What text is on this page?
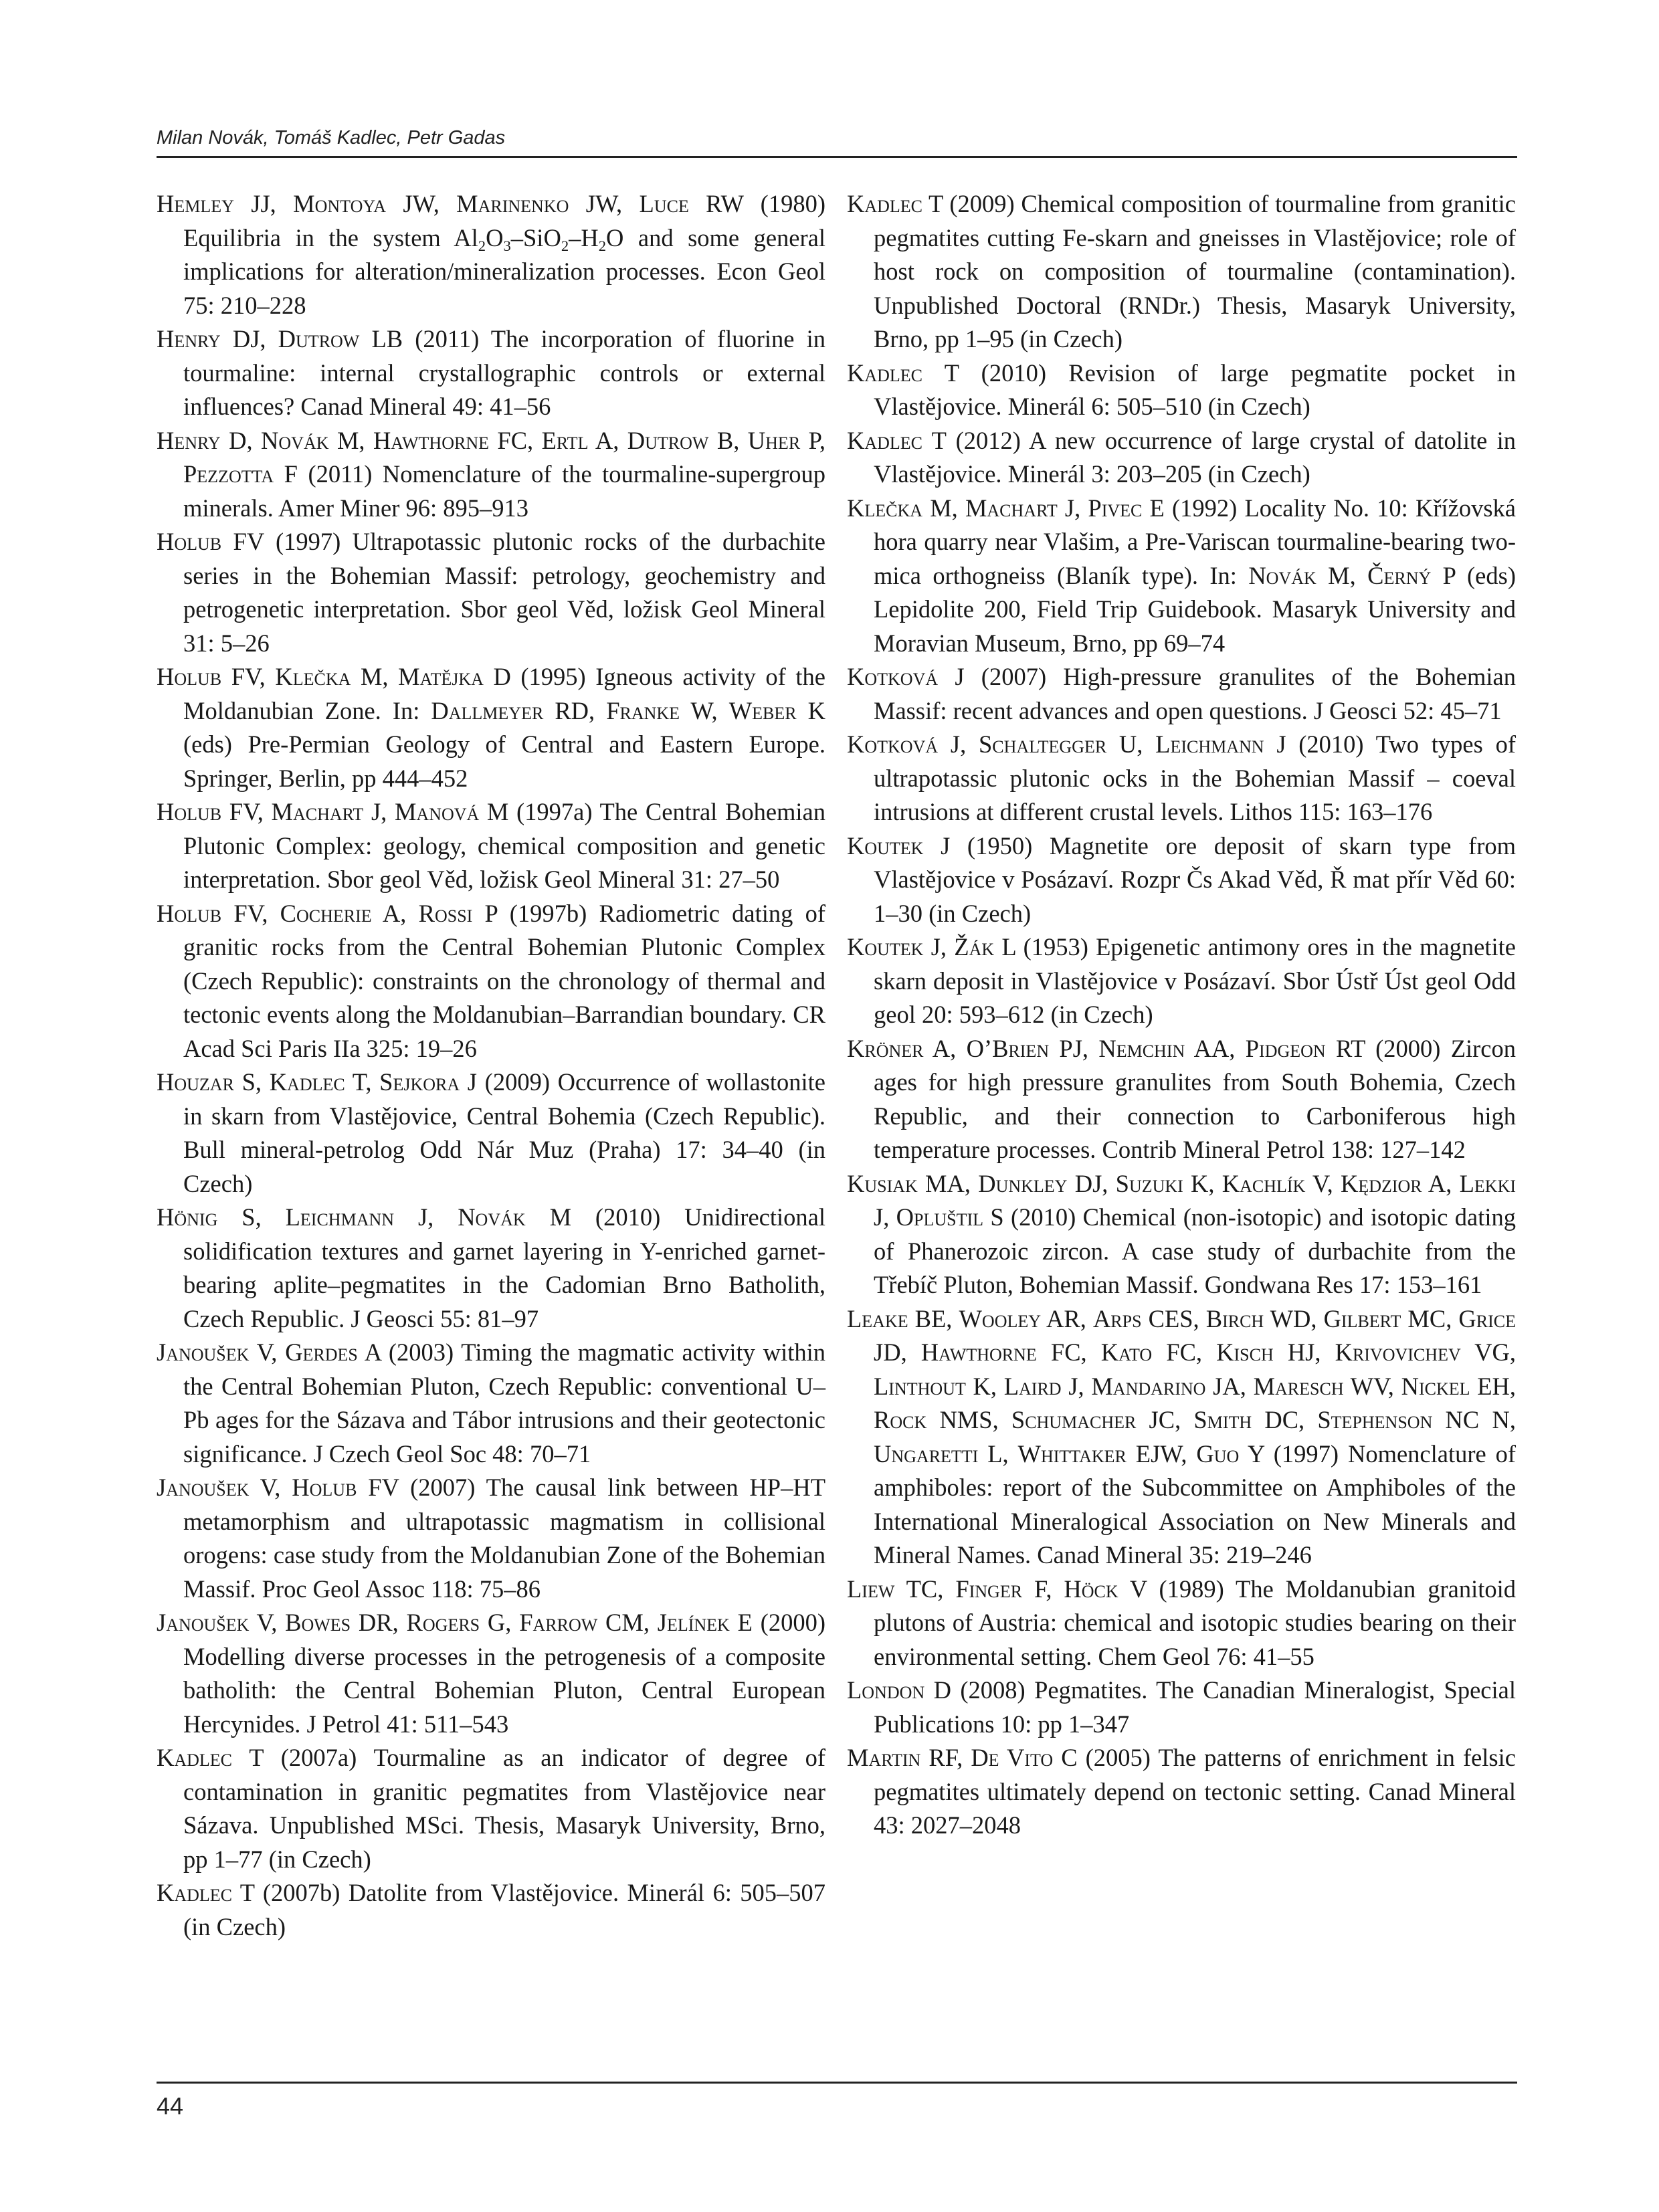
Milan Novák, Tomáš Kadlec, Petr Gadas

Hemley JJ, Montoya JW, Marinenko JW, Luce RW (1980) Equilibria in the system $Al_2O_3-SiO_2-H_2O$ and some general implications for alteration/mineralization processes. Econ Geol 75: 210–228

Henry DJ, Dutrow LB (2011) The incorporation of fluorine in tourmaline: internal crystallographic controls or external influences? Canad Mineral 49: 41–56

Henry D, Novák M, Hawthorne FC, Ertl A, Dutrow B, Uher P, Pezzotta F (2011) Nomenclature of the tourmaline-supergroup minerals. Amer Miner 96: 895–913

Holub FV (1997) Ultrapotassic plutonic rocks of the durbachite series in the Bohemian Massif: petrology, geochemistry and petrogenetic interpretation. Sbor geol Věd, ložisk Geol Mineral 31: 5–26

Holub FV, Klečka M, Matějka D (1995) Igneous activity of the Moldanubian Zone. In: Dallmeyer RD, Franke W, Weber K (eds) Pre-Permian Geology of Central and Eastern Europe. Springer, Berlin, pp 444–452

Holub FV, Machart J, Manová M (1997a) The Central Bohemian Plutonic Complex: geology, chemical composition and genetic interpretation. Sbor geol Věd, ložisk Geol Mineral 31: 27–50

Holub FV, Cocherie A, Rossi P (1997b) Radiometric dating of granitic rocks from the Central Bohemian Plutonic Complex (Czech Republic): constraints on the chronology of thermal and tectonic events along the Moldanubian–Barrandian boundary. CR Acad Sci Paris IIa 325: 19–26

Houzar S, Kadlec T, Sejkora J (2009) Occurrence of wollastonite in skarn from Vlastějovice, Central Bohemia (Czech Republic). Bull mineral-petrolog Odd Nár Muz (Praha) 17: 34–40 (in Czech)

Hönig S, Leichmann J, Novák M (2010) Unidirectional solidification textures and garnet layering in Y-enriched garnet-bearing aplite–pegmatites in the Cadomian Brno Batholith, Czech Republic. J Geosci 55: 81–97

Janoušek V, Gerdes A (2003) Timing the magmatic activity within the Central Bohemian Pluton, Czech Republic: conventional U–Pb ages for the Sázava and Tábor intrusions and their geotectonic significance. J Czech Geol Soc 48: 70–71

Janoušek V, Holub FV (2007) The causal link between HP–HT metamorphism and ultrapotassic magmatism in collisional orogens: case study from the Moldanubian Zone of the Bohemian Massif. Proc Geol Assoc 118: 75–86

Janoušek V, Bowes DR, Rogers G, Farrow CM, Jelínek E (2000) Modelling diverse processes in the petrogenesis of a composite batholith: the Central Bohemian Pluton, Central European Hercynides. J Petrol 41: 511–543

Kadlec T (2007a) Tourmaline as an indicator of degree of contamination in granitic pegmatites from Vlastějovice near Sázava. Unpublished MSci. Thesis, Masaryk University, Brno, pp 1–77 (in Czech)

Kadlec T (2007b) Datolite from Vlastějovice. Minerál 6: 505–507 (in Czech)

Kadlec T (2009) Chemical composition of tourmaline from granitic pegmatites cutting Fe-skarn and gneisses in Vlastějovice; role of host rock on composition of tourmaline (contamination). Unpublished Doctoral (RNDr.) Thesis, Masaryk University, Brno, pp 1–95 (in Czech)

Kadlec T (2010) Revision of large pegmatite pocket in Vlastějovice. Minerál 6: 505–510 (in Czech)

Kadlec T (2012) A new occurrence of large crystal of datolite in Vlastějovice. Minerál 3: 203–205 (in Czech)

Klečka M, Machart J, Pivec E (1992) Locality No. 10: Křížovská hora quarry near Vlašim, a Pre-Variscan tourmaline-bearing two-mica orthogneiss (Blaník type). In: Novák M, Černý P (eds) Lepidolite 200, Field Trip Guidebook. Masaryk University and Moravian Museum, Brno, pp 69–74

Kotková J (2007) High-pressure granulites of the Bohemian Massif: recent advances and open questions. J Geosci 52: 45–71

Kotková J, Schaltegger U, Leichmann J (2010) Two types of ultrapotassic plutonic ocks in the Bohemian Massif – coeval intrusions at different crustal levels. Lithos 115: 163–176

Koutek J (1950) Magnetite ore deposit of skarn type from Vlastějovice v Posázaví. Rozpr Čs Akad Věd, Ř mat přír Věd 60: 1–30 (in Czech)

Koutek J, Žák L (1953) Epigenetic antimony ores in the magnetite skarn deposit in Vlastějovice v Posázaví. Sbor Ústř Úst geol Odd geol 20: 593–612 (in Czech)

Kröner A, O’Brien PJ, Nemchin AA, Pidgeon RT (2000) Zircon ages for high pressure granulites from South Bohemia, Czech Republic, and their connection to Carboniferous high temperature processes. Contrib Mineral Petrol 138: 127–142

Kusiak MA, Dunkley DJ, Suzuki K, Kachlík V, Kędzior A, Lekki J, Opluštil S (2010) Chemical (non-isotopic) and isotopic dating of Phanerozoic zircon. A case study of durbachite from the Třebíč Pluton, Bohemian Massif. Gondwana Res 17: 153–161

Leake BE, Wooley AR, Arps CES, Birch WD, Gilbert MC, Grice JD, Hawthorne FC, Kato FC, Kisch HJ, Krivovichev VG, Linthout K, Laird J, Mandarino JA, Maresch WV, Nickel EH, Rock NMS, Schumacher JC, Smith DC, Stephenson NC N, Ungaretti L, Whittaker EJW, Guo Y (1997) Nomenclature of amphiboles: report of the Subcommittee on Amphiboles of the International Mineralogical Association on New Minerals and Mineral Names. Canad Mineral 35: 219–246

Liew TC, Finger F, Höck V (1989) The Moldanubian granitoid plutons of Austria: chemical and isotopic studies bearing on their environmental setting. Chem Geol 76: 41–55

London D (2008) Pegmatites. The Canadian Mineralogist, Special Publications 10: pp 1–347

Martin RF, De Vito C (2005) The patterns of enrichment in felsic pegmatites ultimately depend on tectonic setting. Canad Mineral 43: 2027–2048

44
